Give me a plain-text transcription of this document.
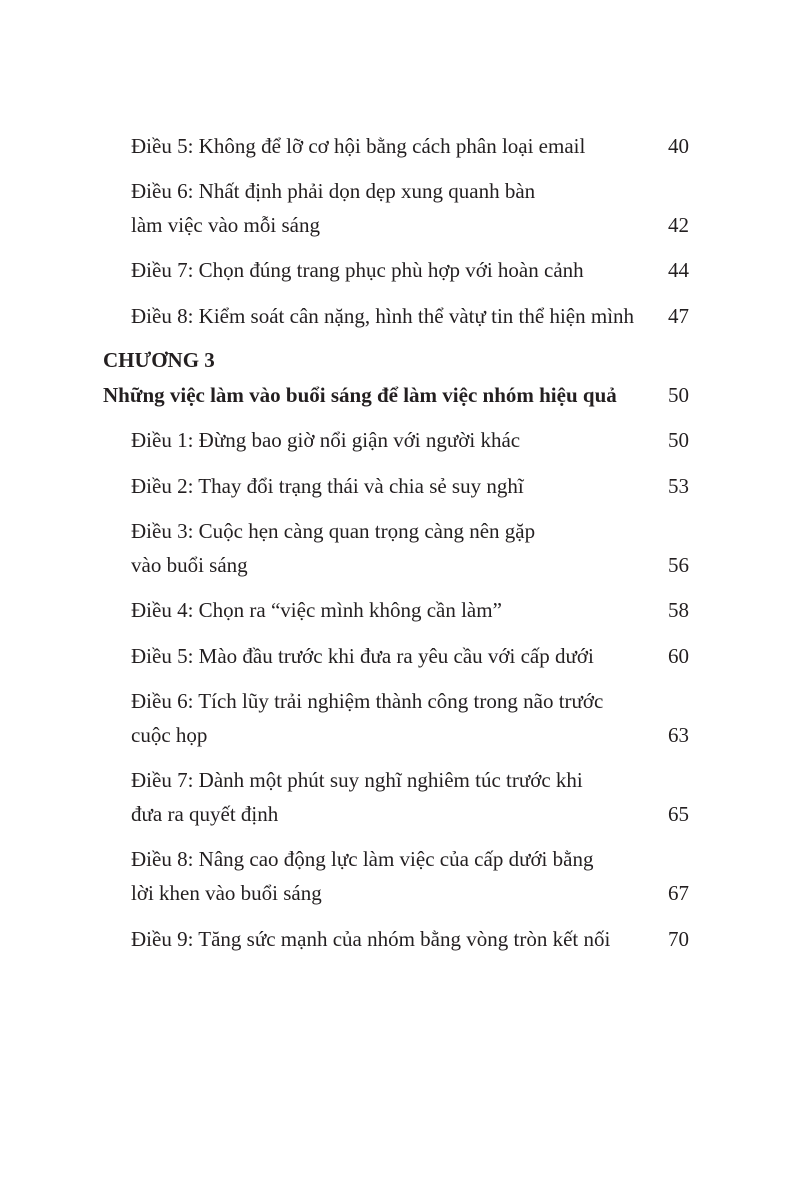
Điều 5: Không để lỡ cơ hội bằng cách phân loại email	40
Điều 6: Nhất định phải dọn dẹp xung quanh bàn
làm việc vào mỗi sáng	42
Điều 7: Chọn đúng trang phục phù hợp với hoàn cảnh	44
Điều 8: Kiểm soát cân nặng, hình thể vàtự tin thể hiện mình 47
CHƯƠNG 3
Những việc làm vào buổi sáng để làm việc nhóm hiệu quả 50
Điều 1: Đừng bao giờ nổi giận với người khác	50
Điều 2: Thay đổi trạng thái và chia sẻ suy nghĩ	53
Điều 3: Cuộc hẹn càng quan trọng càng nên gặp
vào buổi sáng	56
Điều 4: Chọn ra “việc mình không cần làm”	58
Điều 5: Mào đầu trước khi đưa ra yêu cầu với cấp dưới	60
Điều 6: Tích lũy trải nghiệm thành công trong não trước
cuộc họp	63
Điều 7: Dành một phút suy nghĩ nghiêm túc trước khi
đưa ra quyết định	65
Điều 8: Nâng cao động lực làm việc của cấp dưới bằng
lời khen vào buổi sáng	67
Điều 9: Tăng sức mạnh của nhóm bằng vòng tròn kết nối	70
